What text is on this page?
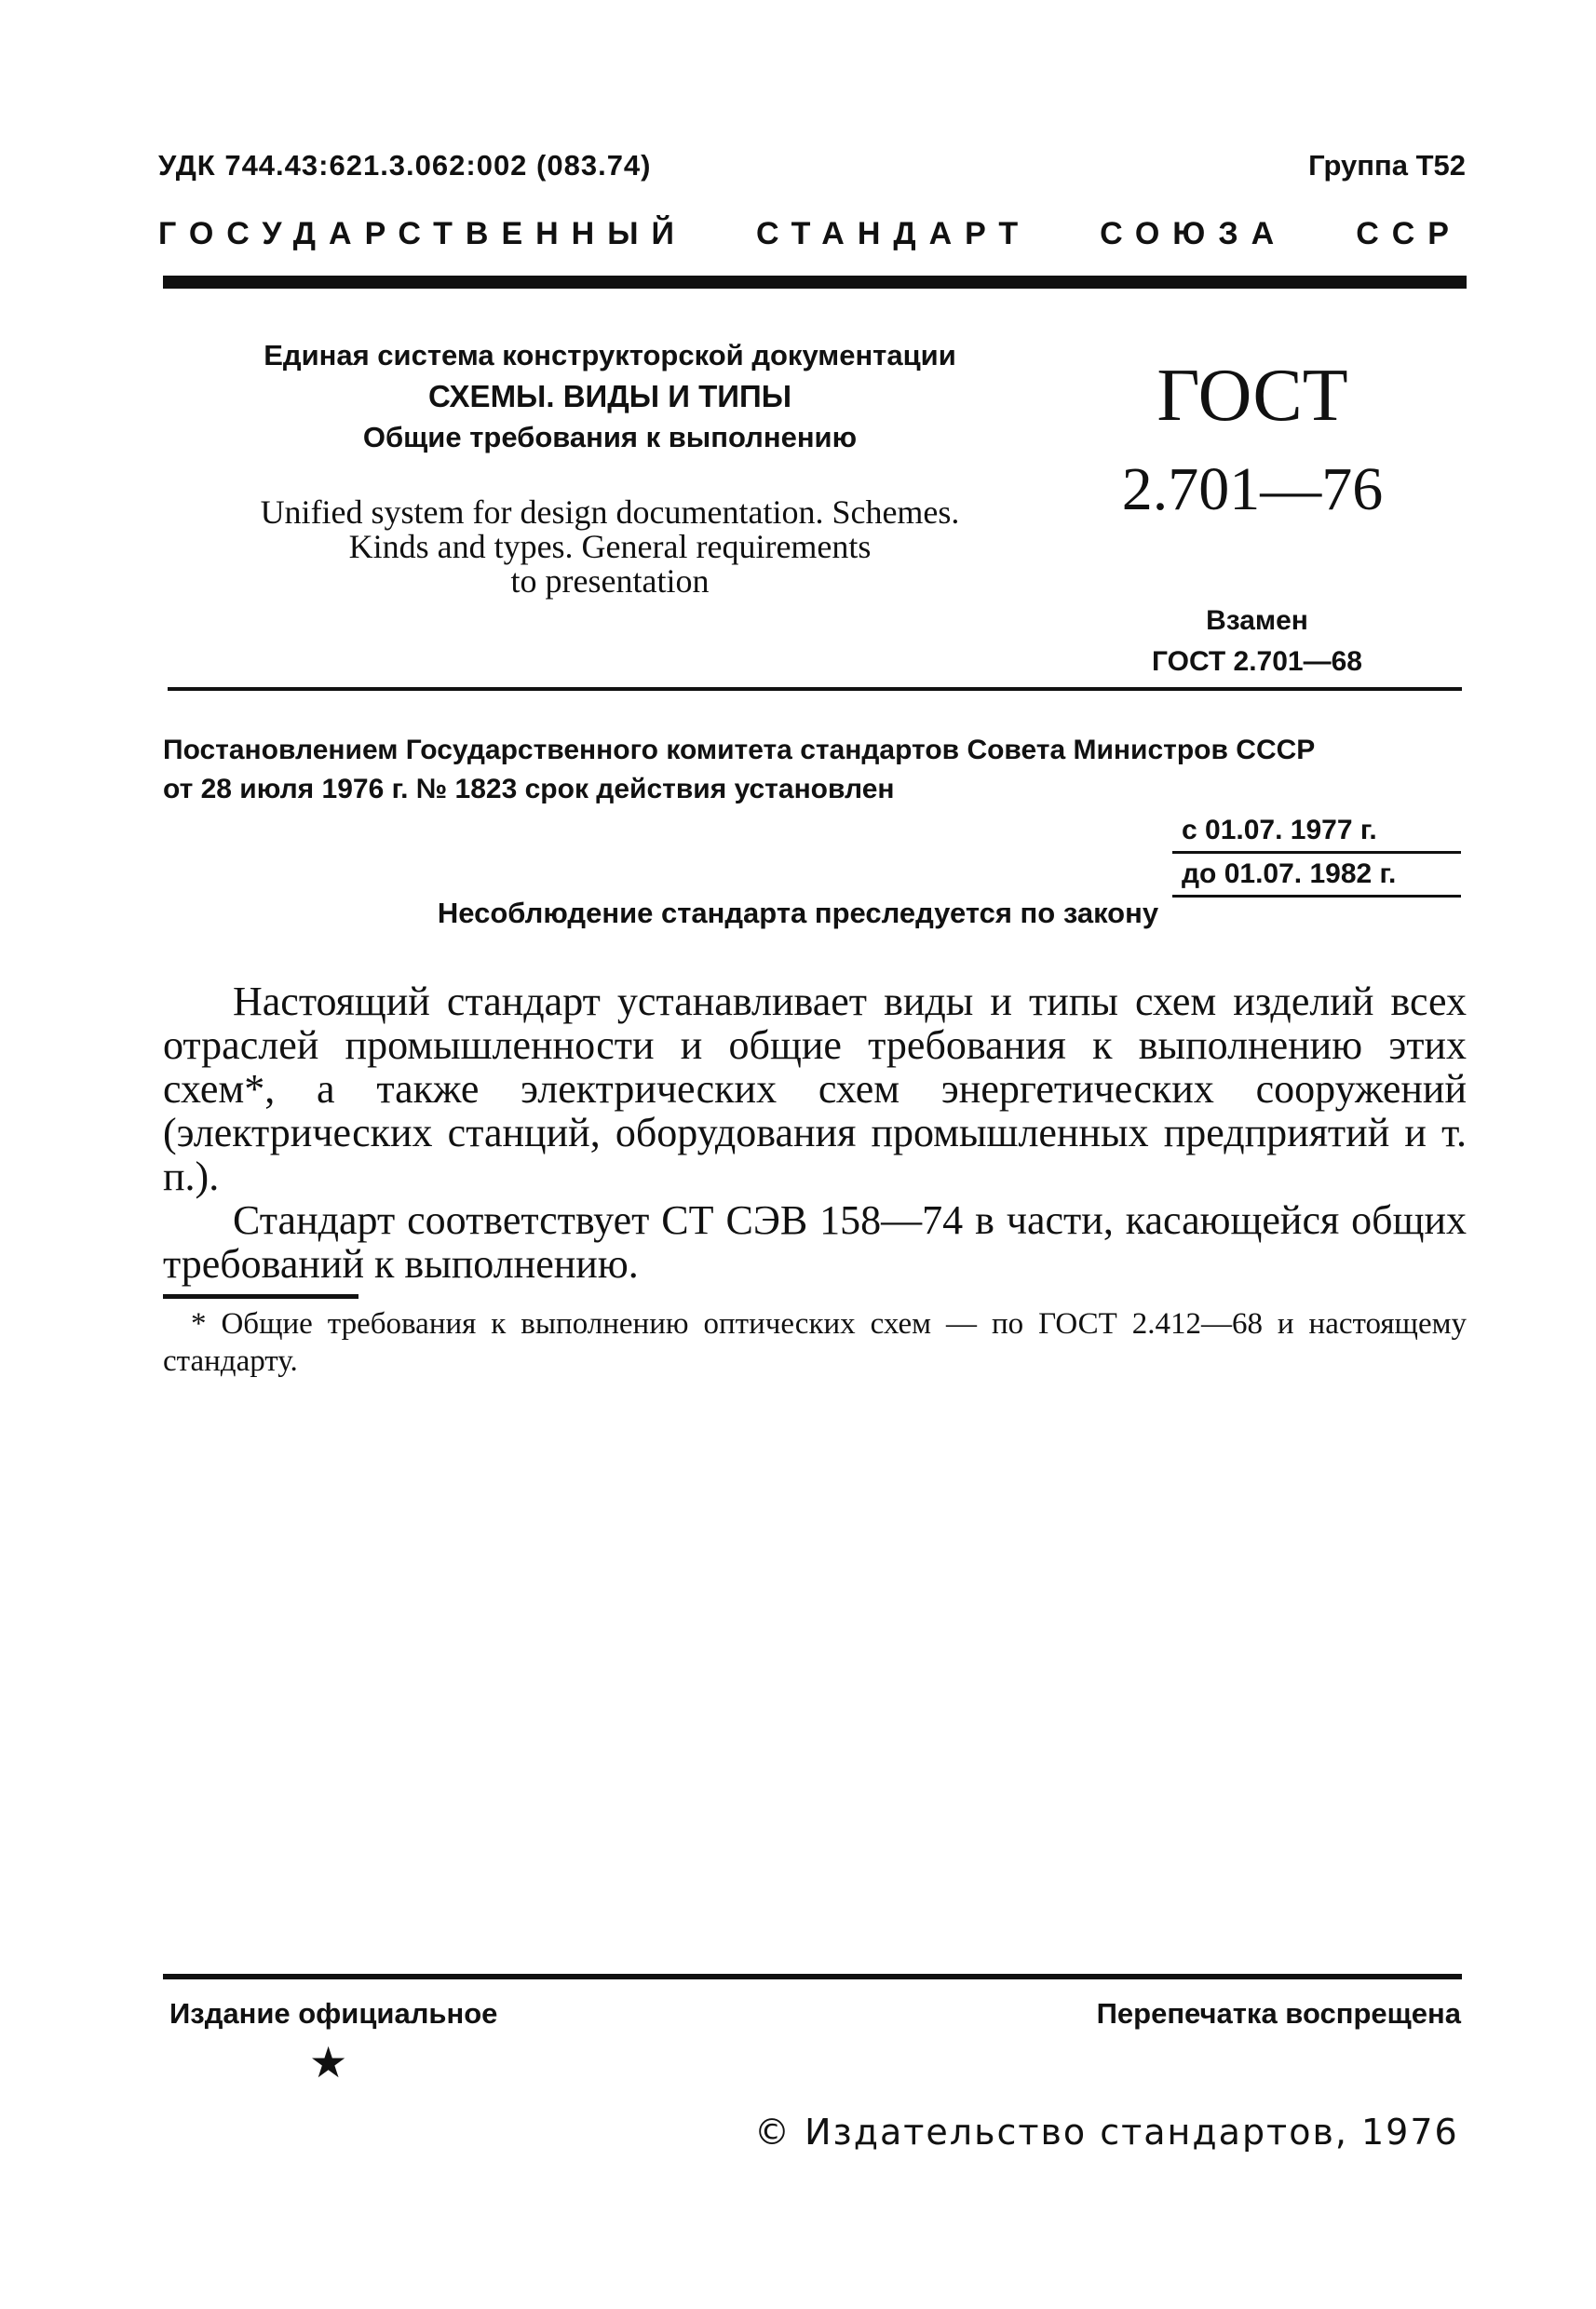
УДК 744.43:621.3.062:002 (083.74)	Группа Т52
ГОСУДАРСТВЕННЫЙ СТАНДАРТ СОЮЗА ССР
Единая система конструкторской документации
СХЕМЫ. ВИДЫ И ТИПЫ
Общие требования к выполнению
Unified system for design documentation. Schemes.
Kinds and types. General requirements
to presentation
ГОСТ
2.701—76
Взамен
ГОСТ 2.701—68
Постановлением Государственного комитета стандартов Совета Министров СССР
от 28 июля 1976 г. № 1823 срок действия установлен
с 01.07. 1977 г.
до 01.07. 1982 г.
Несоблюдение стандарта преследуется по закону

Настоящий стандарт устанавливает виды и типы схем изделий всех отраслей промышленности и общие требования к выполнению этих схем*, а также электрических схем энергетических сооружений (электрических станций, оборудования промышленных предприятий и т. п.).

Стандарт соответствует СТ СЭВ 158—74 в части, касающейся общих требований к выполнению.

* Общие требования к выполнению оптических схем — по ГОСТ 2.412—68 и настоящему стандарту.
Издание официальное	Перепечатка воспрещена
★
© Издательство стандартов, 1976
